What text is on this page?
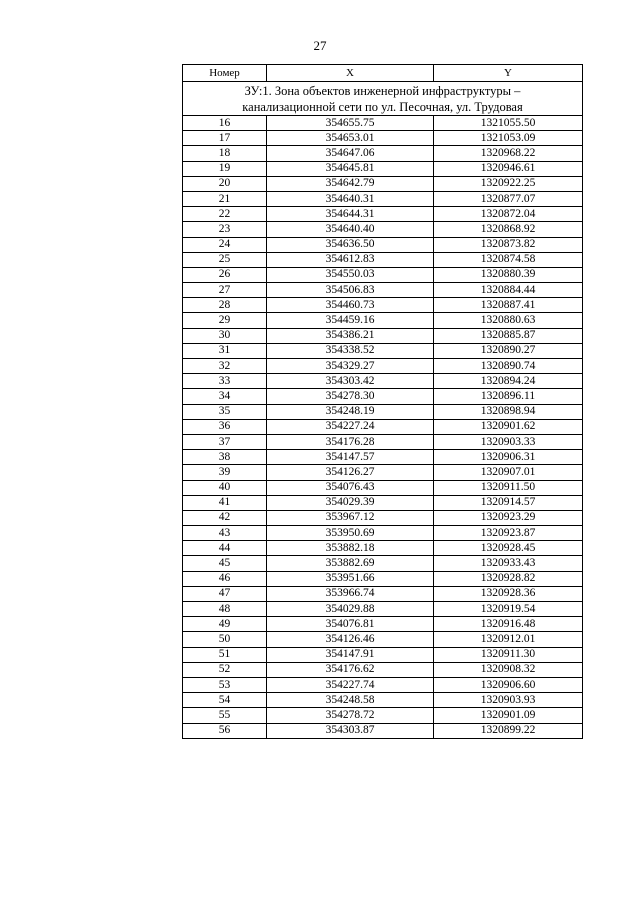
27
Номер	X	Y
ЗУ:1. Зона объектов инженерной инфраструктуры –
канализационной сети по ул. Песочная, ул. Трудовая		
16	354655.75	1321055.50
17	354653.01	1321053.09
18	354647.06	1320968.22
19	354645.81	1320946.61
20	354642.79	1320922.25
21	354640.31	1320877.07
22	354644.31	1320872.04
23	354640.40	1320868.92
24	354636.50	1320873.82
25	354612.83	1320874.58
26	354550.03	1320880.39
27	354506.83	1320884.44
28	354460.73	1320887.41
29	354459.16	1320880.63
30	354386.21	1320885.87
31	354338.52	1320890.27
32	354329.27	1320890.74
33	354303.42	1320894.24
34	354278.30	1320896.11
35	354248.19	1320898.94
36	354227.24	1320901.62
37	354176.28	1320903.33
38	354147.57	1320906.31
39	354126.27	1320907.01
40	354076.43	1320911.50
41	354029.39	1320914.57
42	353967.12	1320923.29
43	353950.69	1320923.87
44	353882.18	1320928.45
45	353882.69	1320933.43
46	353951.66	1320928.82
47	353966.74	1320928.36
48	354029.88	1320919.54
49	354076.81	1320916.48
50	354126.46	1320912.01
51	354147.91	1320911.30
52	354176.62	1320908.32
53	354227.74	1320906.60
54	354248.58	1320903.93
55	354278.72	1320901.09
56	354303.87	1320899.22
